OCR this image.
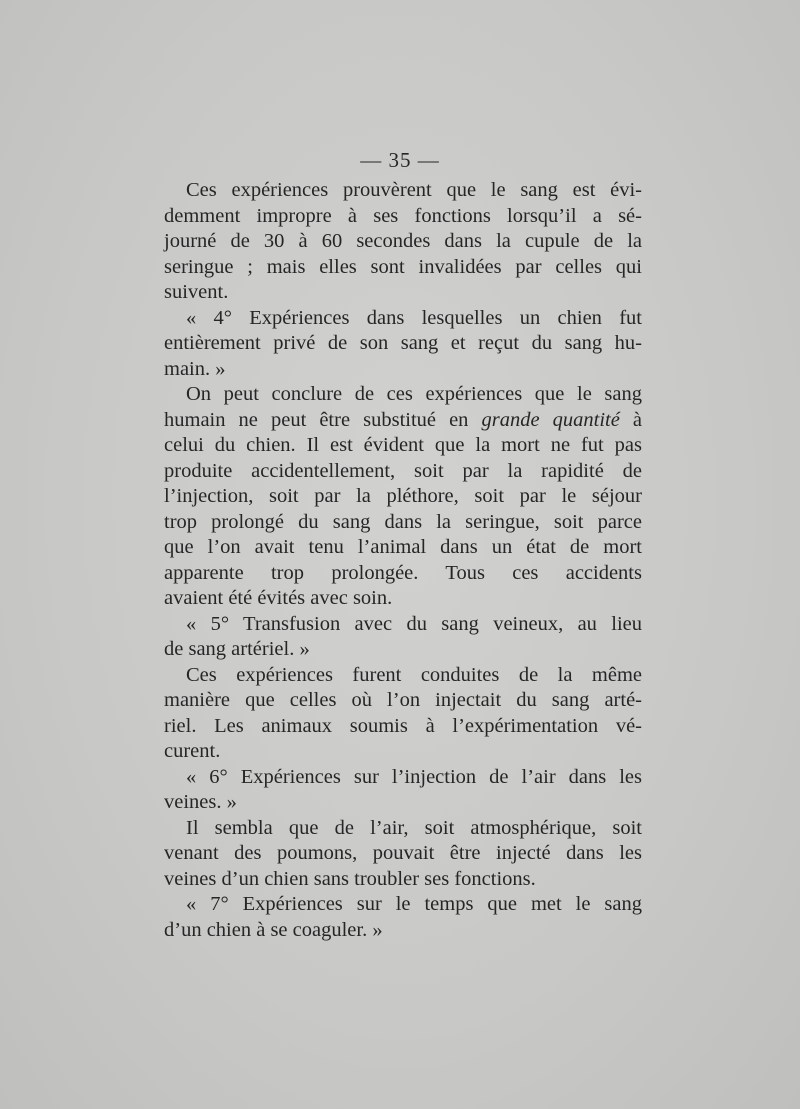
— 35 —
Ces expériences prouvèrent que le sang est évi-
demment impropre à ses fonctions lorsqu’il a sé-
journé de 30 à 60 secondes dans la cupule de la
seringue ; mais elles sont invalidées par celles qui
suivent.
« 4° Expériences dans lesquelles un chien fut
entièrement privé de son sang et reçut du sang hu-
main. »
On peut conclure de ces expériences que le sang
humain ne peut être substitué en grande quantité à
celui du chien. Il est évident que la mort ne fut pas
produite accidentellement, soit par la rapidité de
l’injection, soit par la pléthore, soit par le séjour
trop prolongé du sang dans la seringue, soit parce
que l’on avait tenu l’animal dans un état de mort
apparente trop prolongée. Tous ces accidents
avaient été évités avec soin.
« 5° Transfusion avec du sang veineux, au lieu
de sang artériel. »
Ces expériences furent conduites de la même
manière que celles où l’on injectait du sang arté-
riel. Les animaux soumis à l’expérimentation vé-
curent.
« 6° Expériences sur l’injection de l’air dans les
veines. »
Il sembla que de l’air, soit atmosphérique, soit
venant des poumons, pouvait être injecté dans les
veines d’un chien sans troubler ses fonctions.
« 7° Expériences sur le temps que met le sang
d’un chien à se coaguler. »
